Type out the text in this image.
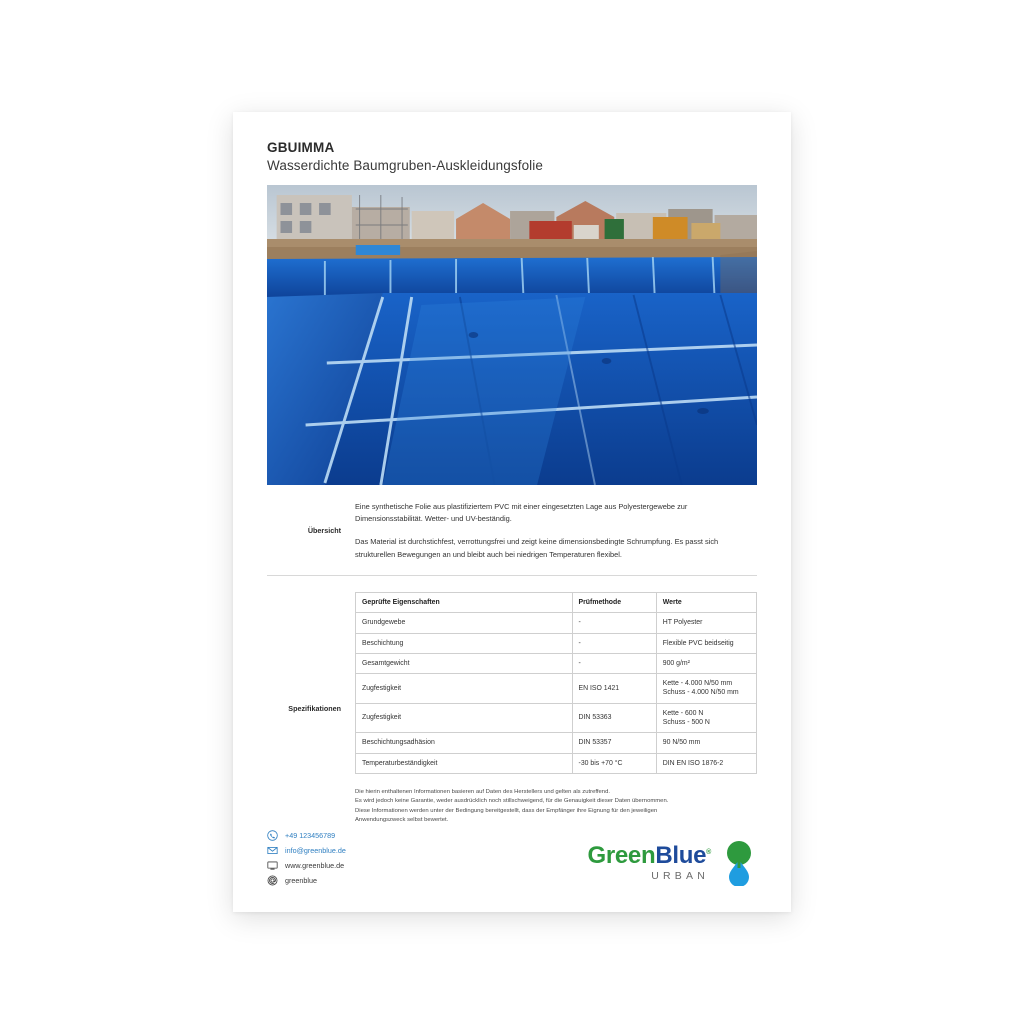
GBUIMMA
Wasserdichte Baumgruben-Auskleidungsfolie
Übersicht

Eine synthetische Folie aus plastifiziertem PVC mit einer eingesetzten Lage aus Polyestergewebe zur Dimensionsstabilität. Wetter- und UV-beständig.

Das Material ist durchstichfest, verrottungsfrei und zeigt keine dimensionsbedingte Schrumpfung. Es passt sich strukturellen Bewegungen an und bleibt auch bei niedrigen Temperaturen flexibel.

Spezifikationen
Geprüfte Eigenschaften	Prüfmethode	Werte
Grundgewebe	-	HT Polyester
Beschichtung	-	Flexible PVC beidseitig
Gesamtgewicht	-	900 g/m²
Zugfestigkeit	EN ISO 1421	Kette - 4.000 N/50 mm
Schuss - 4.000 N/50 mm
Zugfestigkeit	DIN 53363	Kette - 600 N
Schuss - 500 N
Beschichtungsadhäsion	DIN 53357	90 N/50 mm
Temperaturbeständigkeit	-30 bis +70 °C	DIN EN ISO 1876-2

Die hierin enthaltenen Informationen basieren auf Daten des Herstellers und gelten als zutreffend.
Es wird jedoch keine Garantie, weder ausdrücklich noch stillschweigend, für die Genauigkeit dieser Daten übernommen.
Diese Informationen werden unter der Bedingung bereitgestellt, dass der Empfänger ihre Eignung für den jeweiligen
Anwendungszweck selbst bewertet.

+49 123456789
info@greenblue.de
www.greenblue.de
greenblue
GreenBlue®
URBAN
